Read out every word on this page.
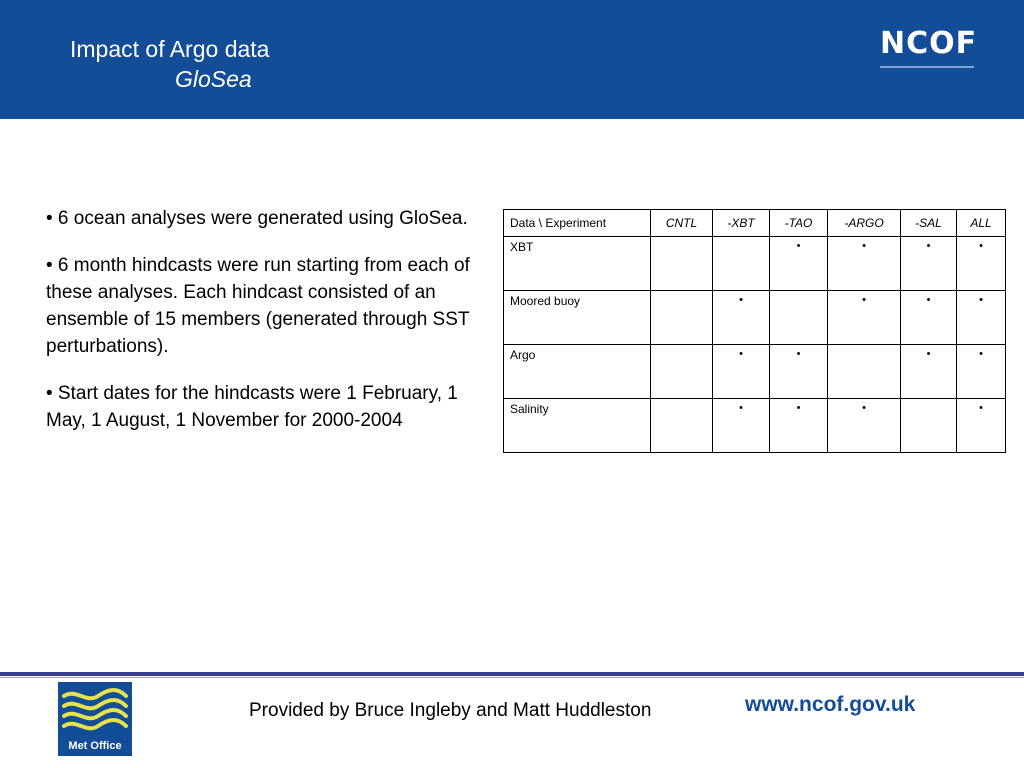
Impact of Argo data
GloSea
NCOF

• 6 ocean analyses were generated using GloSea.

• 6 month hindcasts were run starting from each of these analyses. Each hindcast consisted of an ensemble of 15 members (generated through SST perturbations).

• Start dates for the hindcasts were 1 February, 1 May, 1 August, 1 November for 2000-2004

Data \ Experiment	CNTL	-XBT	-TAO	-ARGO	-SAL	ALL
XBT			•	•	•	•
Moored buoy		•		•	•	•
Argo		•	•		•	•
Salinity		•	•	•		•
Met Office
Provided by Bruce Ingleby and Matt Huddleston	www.ncof.gov.uk
